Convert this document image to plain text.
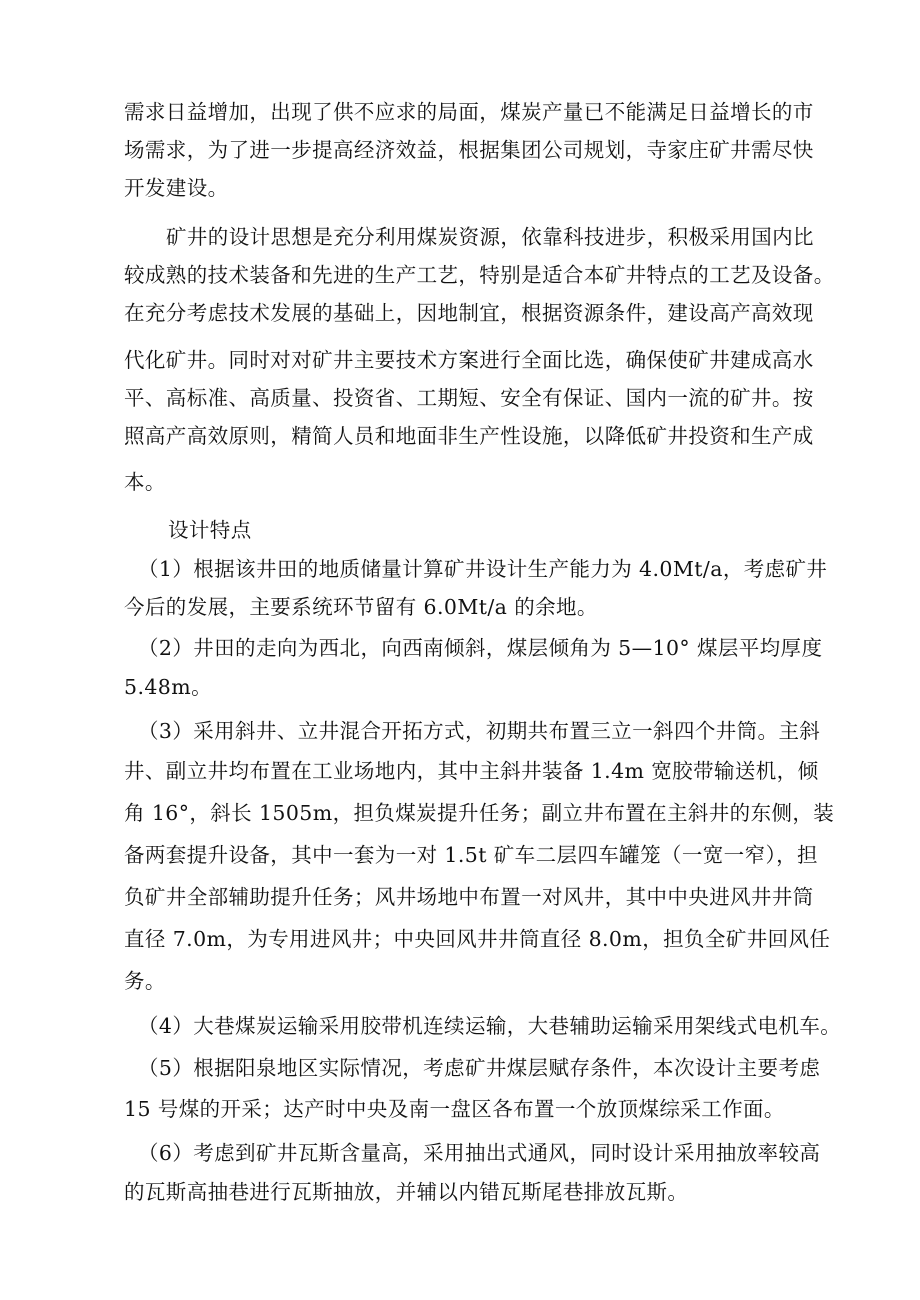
需求日益增加，出现了供不应求的局面，煤炭产量已不能满足日益增长的市
场需求，为了进一步提高经济效益，根据集团公司规划，寺家庄矿井需尽快
开发建设。
矿井的设计思想是充分利用煤炭资源，依靠科技进步，积极采用国内比
较成熟的技术装备和先进的生产工艺，特别是适合本矿井特点的工艺及设备。
在充分考虑技术发展的基础上，因地制宜，根据资源条件，建设高产高效现
代化矿井。同时对对矿井主要技术方案进行全面比选，确保使矿井建成高水
平、高标准、高质量、投资省、工期短、安全有保证、国内一流的矿井。按
照高产高效原则，精简人员和地面非生产性设施，以降低矿井投资和生产成
本。
设计特点
（1）根据该井田的地质储量计算矿井设计生产能力为 4.0Mt/a，考虑矿井
今后的发展，主要系统环节留有 6.0Mt/a 的余地。
（2）井田的走向为西北，向西南倾斜，煤层倾角为 5—10° 煤层平均厚度
5.48m。
（3）采用斜井、立井混合开拓方式，初期共布置三立一斜四个井筒。主斜
井、副立井均布置在工业场地内，其中主斜井装备 1.4m 宽胶带输送机，倾
角 16°，斜长 1505m，担负煤炭提升任务；副立井布置在主斜井的东侧，装
备两套提升设备，其中一套为一对 1.5t 矿车二层四车罐笼（一宽一窄），担
负矿井全部辅助提升任务；风井场地中布置一对风井，其中中央进风井井筒
直径 7.0m，为专用进风井；中央回风井井筒直径 8.0m，担负全矿井回风任
务。
（4）大巷煤炭运输采用胶带机连续运输，大巷辅助运输采用架线式电机车。
（5）根据阳泉地区实际情况，考虑矿井煤层赋存条件，本次设计主要考虑
15 号煤的开采；达产时中央及南一盘区各布置一个放顶煤综采工作面。
（6）考虑到矿井瓦斯含量高，采用抽出式通风，同时设计采用抽放率较高
的瓦斯高抽巷进行瓦斯抽放，并辅以内错瓦斯尾巷排放瓦斯。
